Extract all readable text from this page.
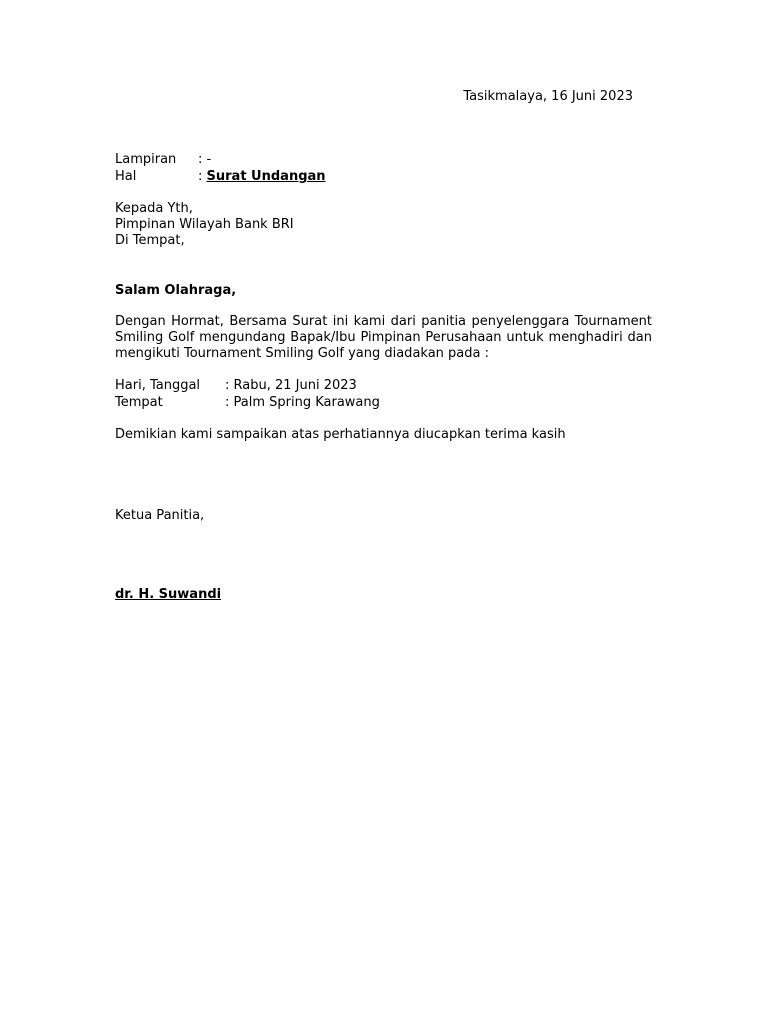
Tasikmalaya, 16 Juni 2023
Lampiran	: -
Hal	: Surat Undangan
Kepada Yth,
Pimpinan Wilayah Bank BRI
Di Tempat,
Salam Olahraga,
Dengan Hormat, Bersama Surat ini kami dari panitia penyelenggara Tournament Smiling Golf mengundang Bapak/Ibu Pimpinan Perusahaan untuk menghadiri dan mengikuti Tournament Smiling Golf yang diadakan pada :
Hari, Tanggal	: Rabu, 21 Juni 2023
Tempat	: Palm Spring Karawang
Demikian kami sampaikan atas perhatiannya diucapkan terima kasih
Ketua Panitia,
dr. H. Suwandi
